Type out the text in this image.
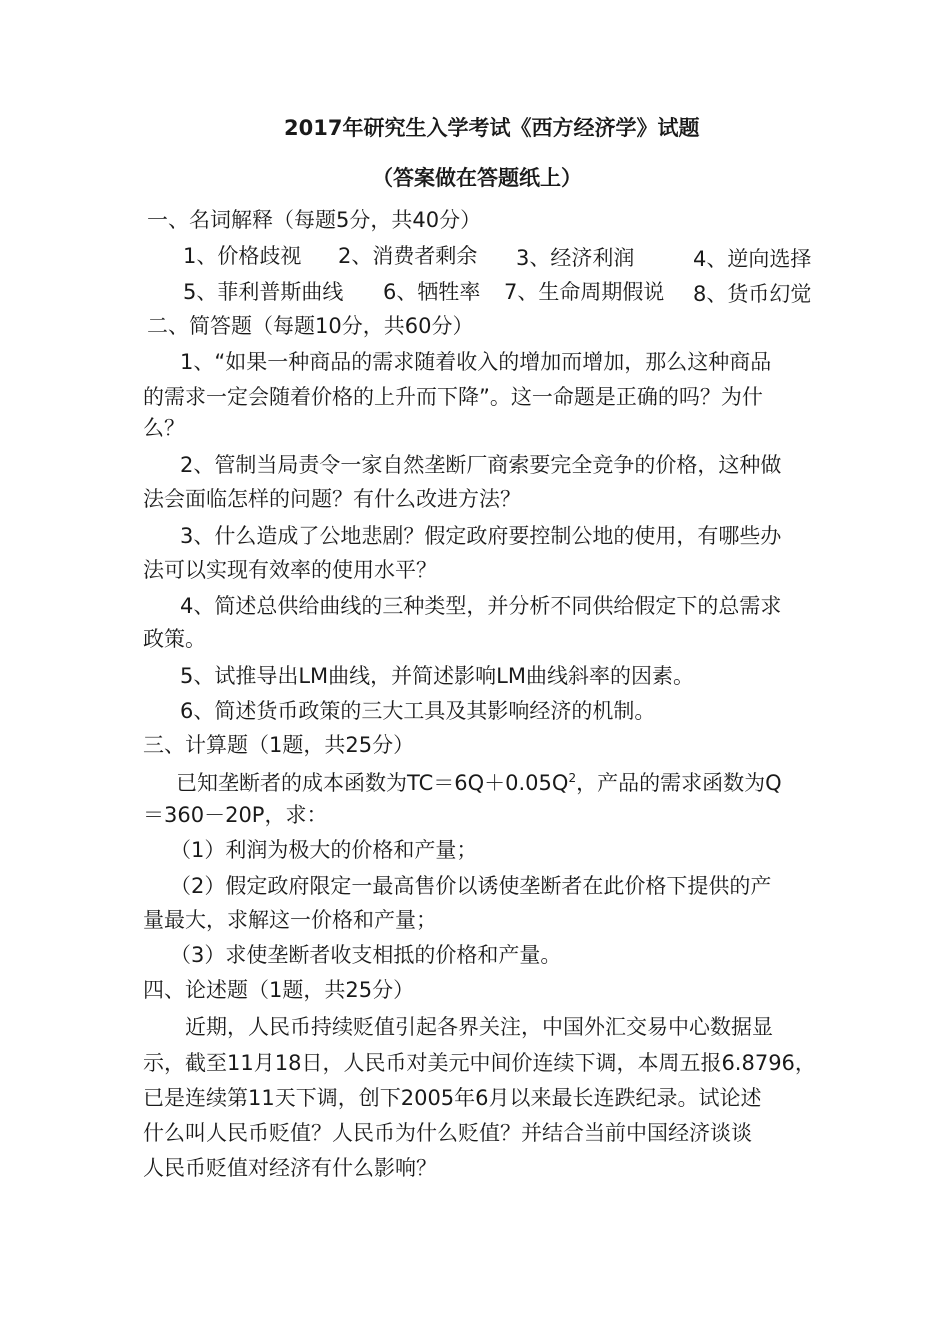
2017年研究生入学考试《西方经济学》试题
（答案做在答题纸上）
一、名词解释（每题5分，共40分）
1、价格歧视 2、消费者剩余 3、经济利润	4、逆向选择
5、菲利普斯曲线 6、牺牲率 7、生命周期假说 8、货币幻觉
二、简答题（每题10分，共60分）
1、“如果一种商品的需求随着收入的增加而增加，那么这种商品
的需求一定会随着价格的上升而下降”。这一命题是正确的吗？为什
么？
2、管制当局责令一家自然垄断厂商索要完全竞争的价格，这种做
法会面临怎样的问题？有什么改进方法？
3、什么造成了公地悲剧？假定政府要控制公地的使用，有哪些办
法可以实现有效率的使用水平？
4、简述总供给曲线的三种类型，并分析不同供给假定下的总需求
政策。
5、试推导出LM曲线，并简述影响LM曲线斜率的因素。
6、简述货币政策的三大工具及其影响经济的机制。
三、计算题（1题，共25分）
已知垄断者的成本函数为$TC=6Q+0.05Q^2$，产品的需求函数为Q
＝360－20P，求：
（1）利润为极大的价格和产量；
（2）假定政府限定一最高售价以诱使垄断者在此价格下提供的产
量最大，求解这一价格和产量；
（3）求使垄断者收支相抵的价格和产量。
四、论述题（1题，共25分）
近期，人民币持续贬值引起各界关注，中国外汇交易中心数据显
示，截至11月18日，人民币对美元中间价连续下调，本周五报6.8796，
已是连续第11天下调，创下2005年6月以来最长连跌纪录。试论述
什么叫人民币贬值？人民币为什么贬值？并结合当前中国经济谈谈
人民币贬值对经济有什么影响？
